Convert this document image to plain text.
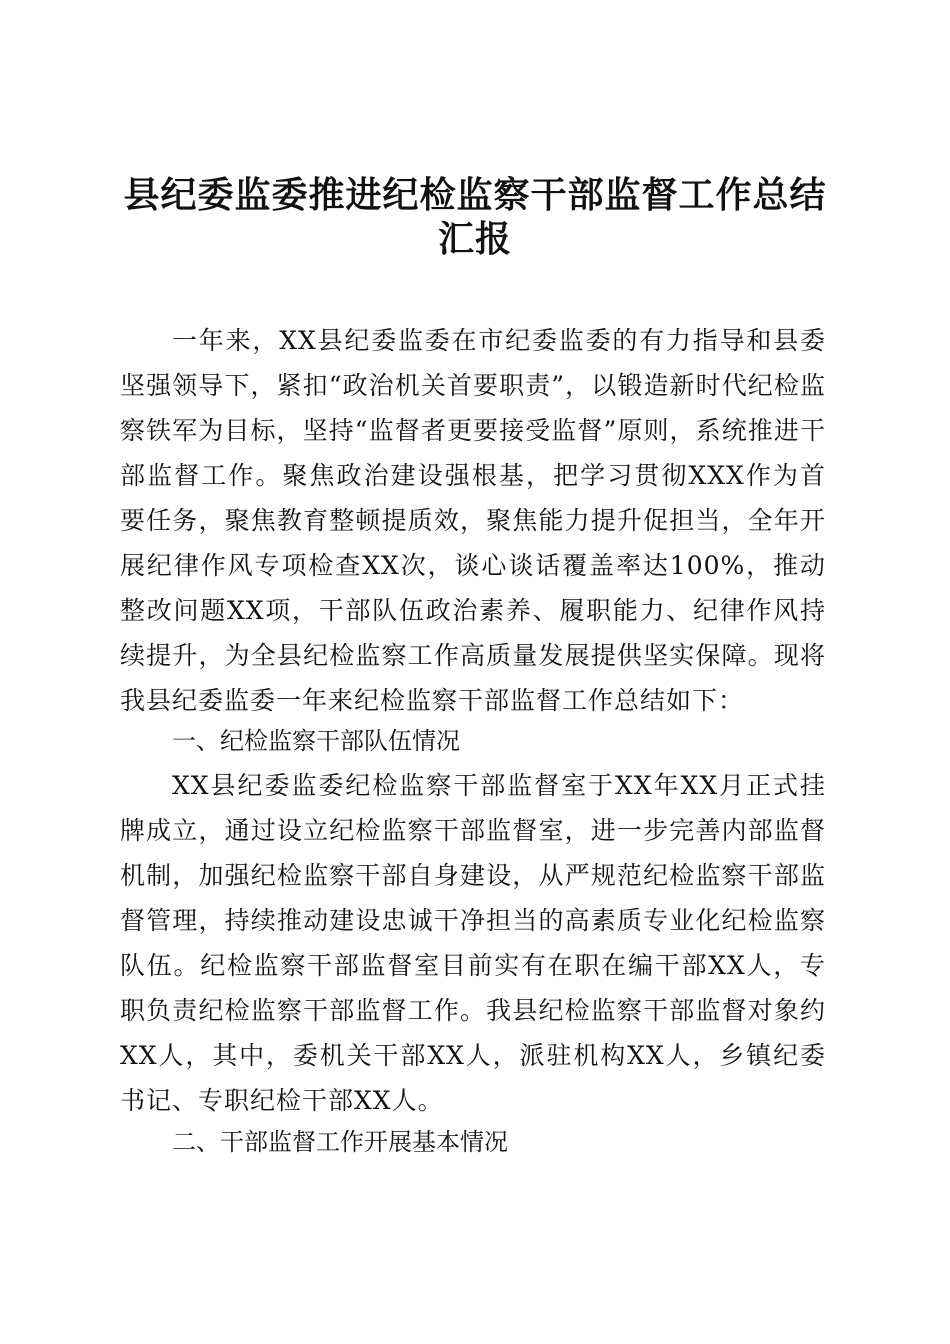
县纪委监委推进纪检监察干部监督工作总结汇报

一年来，XX县纪委监委在市纪委监委的有力指导和县委坚强领导下，紧扣“政治机关首要职责”，以锻造新时代纪检监察铁军为目标，坚持“监督者更要接受监督”原则，系统推进干部监督工作。聚焦政治建设强根基，把学习贯彻XXX作为首要任务，聚焦教育整顿提质效，聚焦能力提升促担当，全年开展纪律作风专项检查XX次，谈心谈话覆盖率达100%，推动整改问题XX项，干部队伍政治素养、履职能力、纪律作风持续提升，为全县纪检监察工作高质量发展提供坚实保障。现将我县纪委监委一年来纪检监察干部监督工作总结如下：

一、纪检监察干部队伍情况

XX县纪委监委纪检监察干部监督室于XX年XX月正式挂牌成立，通过设立纪检监察干部监督室，进一步完善内部监督机制，加强纪检监察干部自身建设，从严规范纪检监察干部监督管理，持续推动建设忠诚干净担当的高素质专业化纪检监察队伍。纪检监察干部监督室目前实有在职在编干部XX人，专职负责纪检监察干部监督工作。我县纪检监察干部监督对象约XX人，其中，委机关干部XX人，派驻机构XX人，乡镇纪委书记、专职纪检干部XX人。

二、干部监督工作开展基本情况
